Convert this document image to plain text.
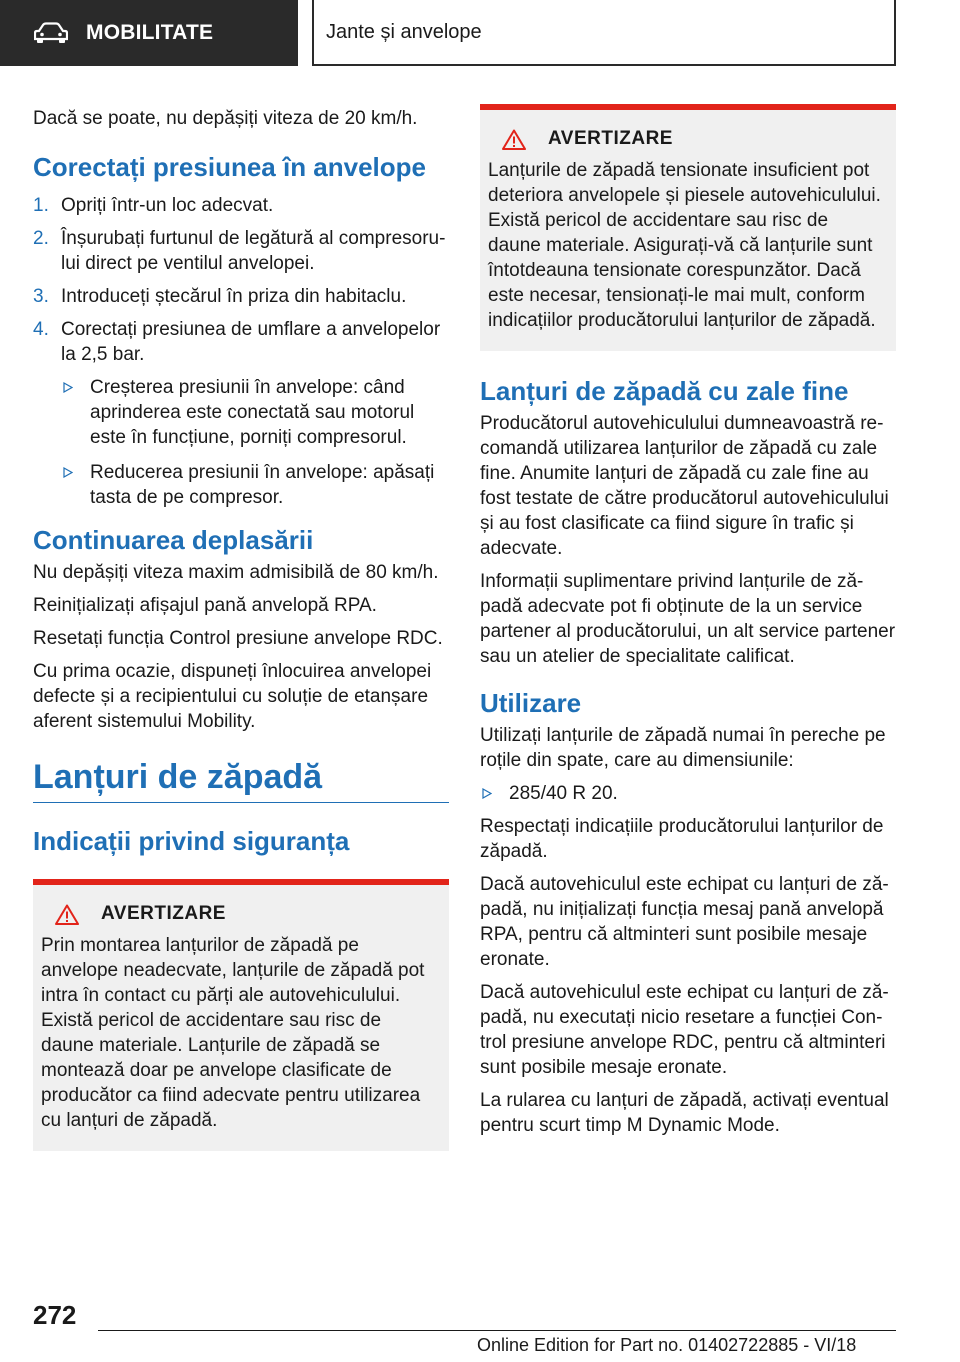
MOBILITATE	Jante și anvelope

Dacă se poate, nu depășiți viteza de 20 km/h.

Corectați presiunea în anvelope
1. Opriți într-un loc adecvat.
2. Înșurubați furtunul de legătură al compresorului direct pe ventilul anvelopei.
3. Introduceți ștecărul în priza din habitaclu.
4. Corectați presiunea de umflare a anvelopelor la 2,5 bar.
Creșterea presiunii în anvelope: când aprinderea este conectată sau motorul este în funcțiune, porniți compresorul.
Reducerea presiunii în anvelope: apăsați tasta de pe compresor.
Continuarea deplasării

Nu depășiți viteza maxim admisibilă de 80 km/h.

Reinițializați afișajul pană anvelopă RPA.

Resetați funcția Control presiune anvelope RDC.

Cu prima ocazie, dispuneți înlocuirea anvelopei defecte și a recipientului cu soluție de etanșare aferent sistemului Mobility.

Lanțuri de zăpadă
Indicații privind siguranța
AVERTIZARE

Prin montarea lanțurilor de zăpadă pe anvelope neadecvate, lanțurile de zăpadă pot intra în contact cu părți ale autovehiculului. Există pericol de accidentare sau risc de daune materiale. Lanțurile de zăpadă se montează doar pe anvelope clasificate de producător ca fiind adecvate pentru utilizarea cu lanțuri de zăpadă.

AVERTIZARE

Lanțurile de zăpadă tensionate insuficient pot deteriora anvelopele și piesele autovehiculului. Există pericol de accidentare sau risc de daune materiale. Asigurați-vă că lanțurile sunt întotdeauna tensionate corespunzător. Dacă este necesar, tensionați-le mai mult, conform indicațiilor producătorului lanțurilor de zăpadă.

Lanțuri de zăpadă cu zale fine

Producătorul autovehiculului dumneavoastră recomandă utilizarea lanțurilor de zăpadă cu zale fine. Anumite lanțuri de zăpadă cu zale fine au fost testate de către producătorul autovehiculului și au fost clasificate ca fiind sigure în trafic și adecvate.

Informații suplimentare privind lanțurile de zăpadă adecvate pot fi obținute de la un service partener al producătorului, un alt service partener sau un atelier de specialitate calificat.

Utilizare

Utilizați lanțurile de zăpadă numai în pereche pe roțile din spate, care au dimensiunile:

285/40 R 20.

Respectați indicațiile producătorului lanțurilor de zăpadă.

Dacă autovehiculul este echipat cu lanțuri de zăpadă, nu inițializați funcția mesaj pană anvelopă RPA, pentru că altminteri sunt posibile mesaje eronate.

Dacă autovehiculul este echipat cu lanțuri de zăpadă, nu executați nicio resetare a funcției Control presiune anvelope RDC, pentru că altminteri sunt posibile mesaje eronate.

La rularea cu lanțuri de zăpadă, activați eventual pentru scurt timp M Dynamic Mode.

272
Online Edition for Part no. 01402722885 - VI/18
